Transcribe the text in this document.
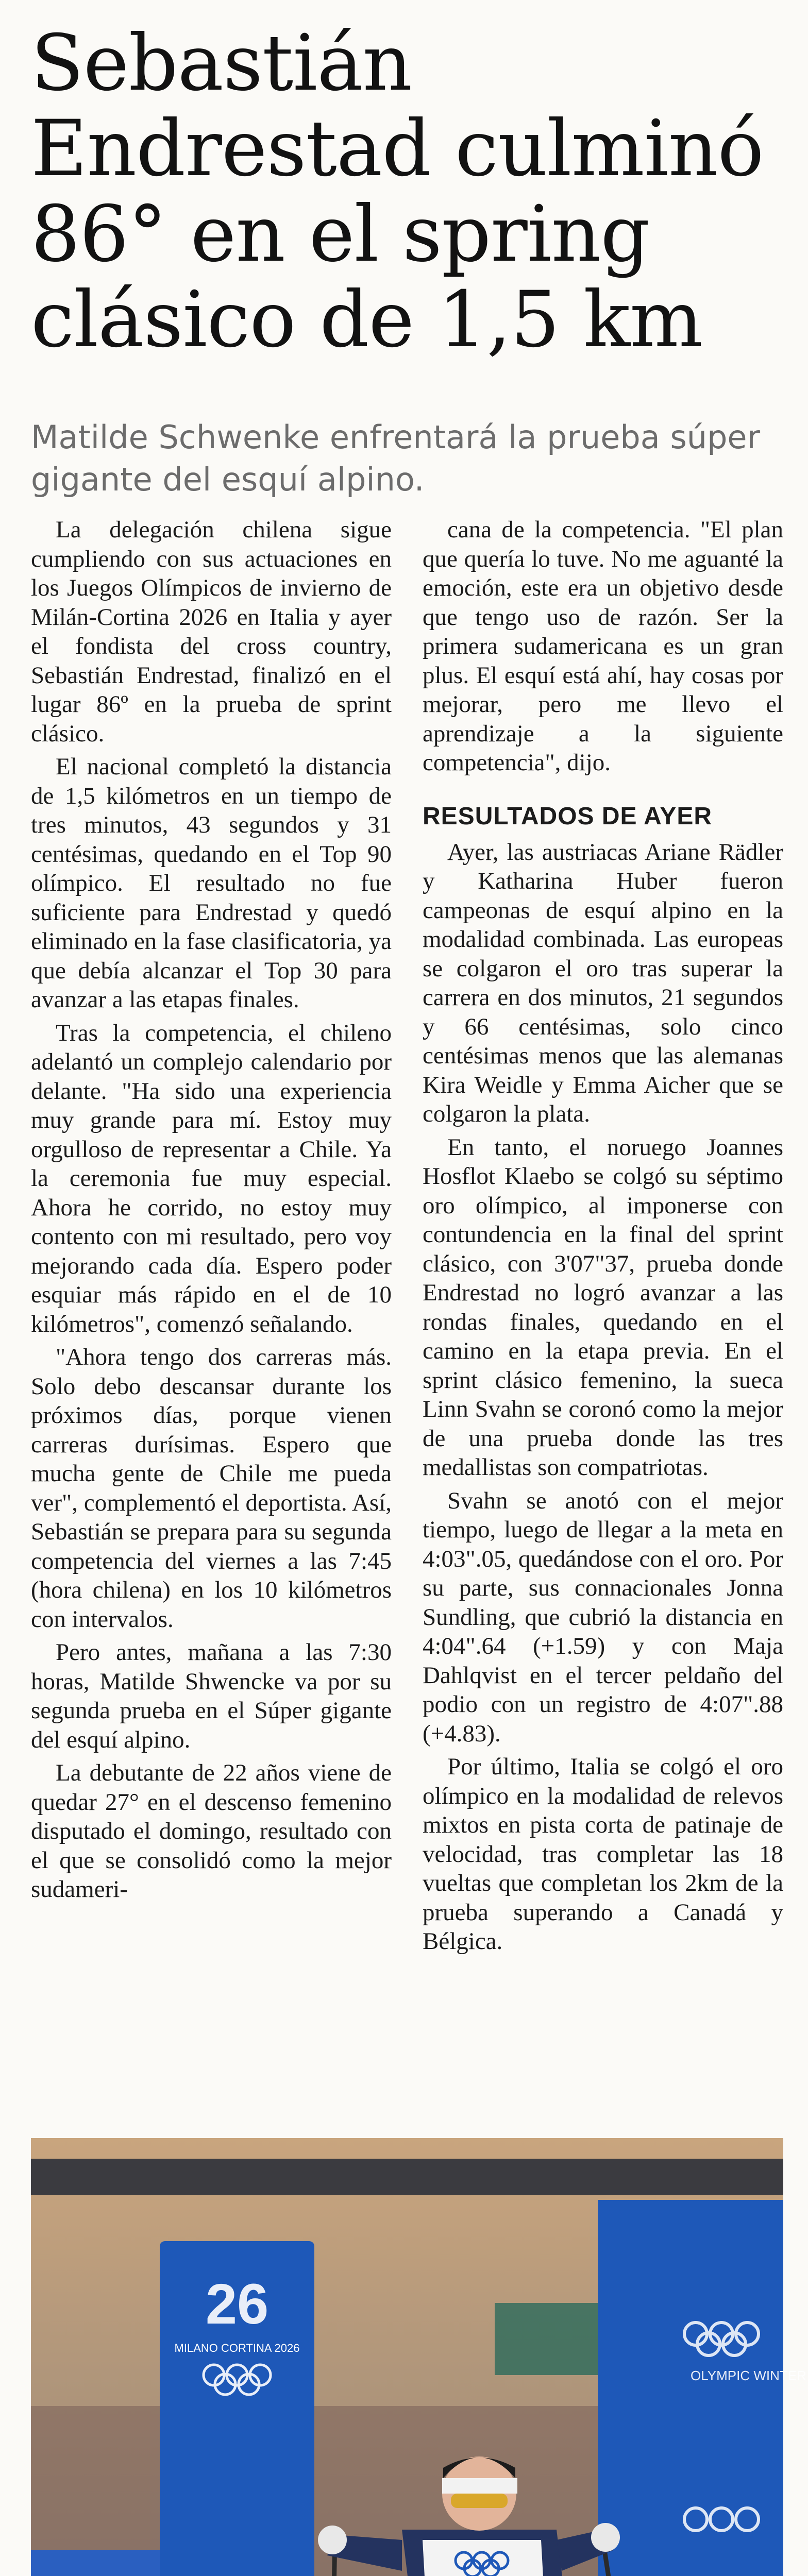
Sebastián Endrestad culminó 86° en el spring clásico de 1,5 km

Matilde Schwenke enfrentará la prueba súper gigante del esquí alpino.

La delegación chilena sigue cumpliendo con sus actuaciones en los Juegos Olímpicos de invierno de Milán-Cortina 2026 en Italia y ayer el fondista del cross country, Sebastián Endrestad, finalizó en el lugar 86º en la prueba de sprint clásico.

El nacional completó la distancia de 1,5 kilómetros en un tiempo de tres minutos, 43 segundos y 31 centésimas, quedando en el Top 90 olímpico. El resultado no fue suficiente para Endrestad y quedó eliminado en la fase clasificatoria, ya que debía alcanzar el Top 30 para avanzar a las etapas finales.

Tras la competencia, el chileno adelantó un complejo calendario por delante. "Ha sido una experiencia muy grande para mí. Estoy muy orgulloso de representar a Chile. Ya la ceremonia fue muy especial. Ahora he corrido, no estoy muy contento con mi resultado, pero voy mejorando cada día. Espero poder esquiar más rápido en el de 10 kilómetros", comenzó señalando.

"Ahora tengo dos carreras más. Solo debo descansar durante los próximos días, porque vienen carreras durísimas. Espero que mucha gente de Chile me pueda ver", complementó el deportista. Así, Sebastián se prepara para su segunda competencia del viernes a las 7:45 (hora chilena) en los 10 kilómetros con intervalos.

Pero antes, mañana a las 7:30 horas, Matilde Shwencke va por su segunda prueba en el Súper gigante del esquí alpino.

La debutante de 22 años viene de quedar 27° en el descenso femenino disputado el domingo, resultado con el que se consolidó como la mejor sudameri-

cana de la competencia. "El plan que quería lo tuve. No me aguanté la emoción, este era un objetivo desde que tengo uso de razón. Ser la primera sudamericana es un gran plus. El esquí está ahí, hay cosas por mejorar, pero me llevo el aprendizaje a la siguiente competencia", dijo.

RESULTADOS DE AYER

Ayer, las austriacas Ariane Rädler y Katharina Huber fueron campeonas de esquí alpino en la modalidad combinada. Las europeas se colgaron el oro tras superar la carrera en dos minutos, 21 segundos y 66 centésimas, solo cinco centésimas menos que las alemanas Kira Weidle y Emma Aicher que se colgaron la plata.

En tanto, el noruego Joannes Hosflot Klaebo se colgó su séptimo oro olímpico, al imponerse con contundencia en la final del sprint clásico, con 3'07"37, prueba donde Endrestad no logró avanzar a las rondas finales, quedando en el camino en la etapa previa. En el sprint clásico femenino, la sueca Linn Svahn se coronó como la mejor de una prueba donde las tres medallistas son compatriotas.

Svahn se anotó con el mejor tiempo, luego de llegar a la meta en 4:03".05, quedándose con el oro. Por su parte, sus connacionales Jonna Sundling, que cubrió la distancia en 4:04".64 (+1.59) y con Maja Dahlqvist en el tercer peldaño del podio con un registro de 4:07".88 (+4.83).

Por último, Italia se colgó el oro olímpico en la modalidad de relevos mixtos en pista corta de patinaje de velocidad, tras completar las 18 vueltas que completan los 2km de la prueba superando a Canadá y Bélgica.

26
MILANO CORTINA 2026
OLYMPIC WINTER
